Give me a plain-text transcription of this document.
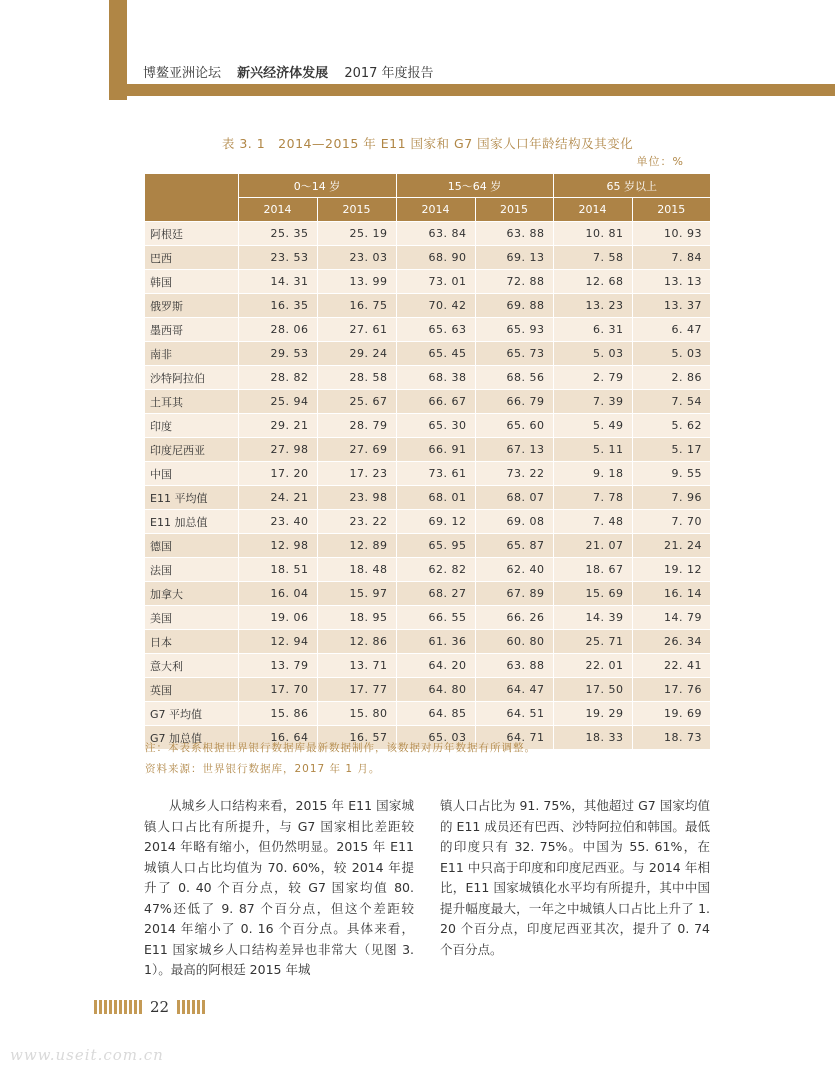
博鳌亚洲论坛 新兴经济体发展 2017 年度报告
表 3. 1　2014—2015 年 E11 国家和 G7 国家人口年龄结构及其变化
单位：%
	0～14 岁		15～64 岁		65 岁以上	
	2014	2015	2014	2015	2014	2015
阿根廷	25. 35	25. 19	63. 84	63. 88	10. 81	10. 93
巴西	23. 53	23. 03	68. 90	69. 13	7. 58	7. 84
韩国	14. 31	13. 99	73. 01	72. 88	12. 68	13. 13
俄罗斯	16. 35	16. 75	70. 42	69. 88	13. 23	13. 37
墨西哥	28. 06	27. 61	65. 63	65. 93	6. 31	6. 47
南非	29. 53	29. 24	65. 45	65. 73	5. 03	5. 03
沙特阿拉伯	28. 82	28. 58	68. 38	68. 56	2. 79	2. 86
土耳其	25. 94	25. 67	66. 67	66. 79	7. 39	7. 54
印度	29. 21	28. 79	65. 30	65. 60	5. 49	5. 62
印度尼西亚	27. 98	27. 69	66. 91	67. 13	5. 11	5. 17
中国	17. 20	17. 23	73. 61	73. 22	9. 18	9. 55
E11 平均值	24. 21	23. 98	68. 01	68. 07	7. 78	7. 96
E11 加总值	23. 40	23. 22	69. 12	69. 08	7. 48	7. 70
德国	12. 98	12. 89	65. 95	65. 87	21. 07	21. 24
法国	18. 51	18. 48	62. 82	62. 40	18. 67	19. 12
加拿大	16. 04	15. 97	68. 27	67. 89	15. 69	16. 14
美国	19. 06	18. 95	66. 55	66. 26	14. 39	14. 79
日本	12. 94	12. 86	61. 36	60. 80	25. 71	26. 34
意大利	13. 79	13. 71	64. 20	63. 88	22. 01	22. 41
英国	17. 70	17. 77	64. 80	64. 47	17. 50	17. 76
G7 平均值	15. 86	15. 80	64. 85	64. 51	19. 29	19. 69
G7 加总值	16. 64	16. 57	65. 03	64. 71	18. 33	18. 73
注：本表系根据世界银行数据库最新数据制作，该数据对历年数据有所调整。
资料来源：世界银行数据库，2017 年 1 月。

从城乡人口结构来看，2015 年 E11 国家城镇人口占比有所提升，与 G7 国家相比差距较 2014 年略有缩小，但仍然明显。2015 年 E11 城镇人口占比均值为 70. 60%，较 2014 年提升了 0. 40 个百分点，较 G7 国家均值 80. 47%还低了 9. 87 个百分点，但这个差距较 2014 年缩小了 0. 16 个百分点。具体来看，E11 国家城乡人口结构差异也非常大（见图 3. 1）。最高的阿根廷 2015 年城

镇人口占比为 91. 75%，其他超过 G7 国家均值的 E11 成员还有巴西、沙特阿拉伯和韩国。最低的印度只有 32. 75%。中国为 55. 61%，在 E11 中只高于印度和印度尼西亚。与 2014 年相比，E11 国家城镇化水平均有所提升，其中中国提升幅度最大，一年之中城镇人口占比上升了 1. 20 个百分点，印度尼西亚其次，提升了 0. 74 个百分点。

22
www.useit.com.cn
